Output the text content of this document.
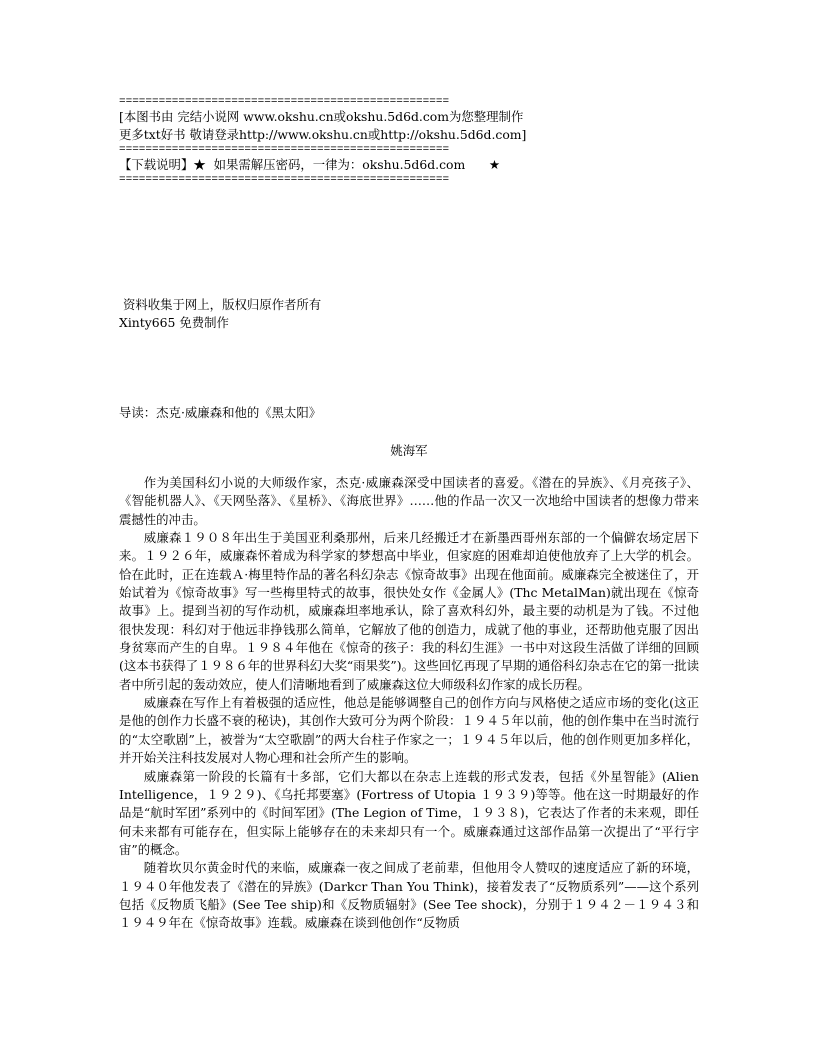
==================================================
[本图书由 完结小说网 www.okshu.cn或okshu.5d6d.com为您整理制作
更多txt好书 敬请登录http://www.okshu.cn或http://okshu.5d6d.com]
==================================================
【下载说明】★  如果需解压密码，一律为：okshu.5d6d.com      ★
==================================================
资料收集于网上，版权归原作者所有
Xinty665 免费制作
导读：杰克·威廉森和他的《黑太阳》
姚海军

作为美国科幻小说的大师级作家，杰克·威廉森深受中国读者的喜爱。《潜在的异族》、《月亮孩子》、《智能机器人》、《天网坠落》、《星桥》、《海底世界》……他的作品一次又一次地给中国读者的想像力带来震撼性的冲击。

威廉森１９０８年出生于美国亚利桑那州，后来几经搬迁才在新墨西哥州东部的一个偏僻农场定居下来。１９２６年，威廉森怀着成为科学家的梦想高中毕业，但家庭的困难却迫使他放弃了上大学的机会。恰在此时，正在连载Ａ·梅里特作品的著名科幻杂志《惊奇故事》出现在他面前。威廉森完全被迷住了，开始试着为《惊奇故事》写一些梅里特式的故事，很快处女作《金属人》(Thc MetalMan)就出现在《惊奇故事》上。提到当初的写作动机，威廉森坦率地承认，除了喜欢科幻外，最主要的动机是为了钱。不过他很快发现：科幻对于他远非挣钱那么简单，它解放了他的创造力，成就了他的事业，还帮助他克服了因出身贫寒而产生的自卑。１９８４年他在《惊奇的孩子：我的科幻生涯》一书中对这段生活做了详细的回顾(这本书获得了１９８６年的世界科幻大奖“雨果奖”)。这些回忆再现了早期的通俗科幻杂志在它的第一批读者中所引起的轰动效应，使人们清晰地看到了威廉森这位大师级科幻作家的成长历程。

威廉森在写作上有着极强的适应性，他总是能够调整自己的创作方向与风格使之适应市场的变化(这正是他的创作力长盛不衰的秘诀)，其创作大致可分为两个阶段：１９４５年以前，他的创作集中在当时流行的“太空歌剧”上，被誉为“太空歌剧”的两大台柱子作家之一；１９４５年以后，他的创作则更加多样化，并开始关注科技发展对人物心理和社会所产生的影响。

威廉森第一阶段的长篇有十多部，它们大都以在杂志上连载的形式发表，包括《外星智能》(Alien Intelligence，１９２９)、《乌托邦要塞》(Fortress of Utopia １９３９)等等。他在这一时期最好的作品是“航时军团”系列中的《时间军团》(The Legion of Time，１９３８)，它表达了作者的未来观，即任何未来都有可能存在，但实际上能够存在的未来却只有一个。威廉森通过这部作品第一次提出了“平行宇宙”的概念。

随着坎贝尔黄金时代的来临，威廉森一夜之间成了老前辈，但他用令人赞叹的速度适应了新的环境，１９４０年他发表了《潜在的异族》(Darkcr Than You Think)，接着发表了“反物质系列”——这个系列包括《反物质飞船》(See Tee ship)和《反物质辐射》(See Tee shock)，分别于１９４２－１９４３和１９４９年在《惊奇故事》连载。威廉森在谈到他创作“反物质
